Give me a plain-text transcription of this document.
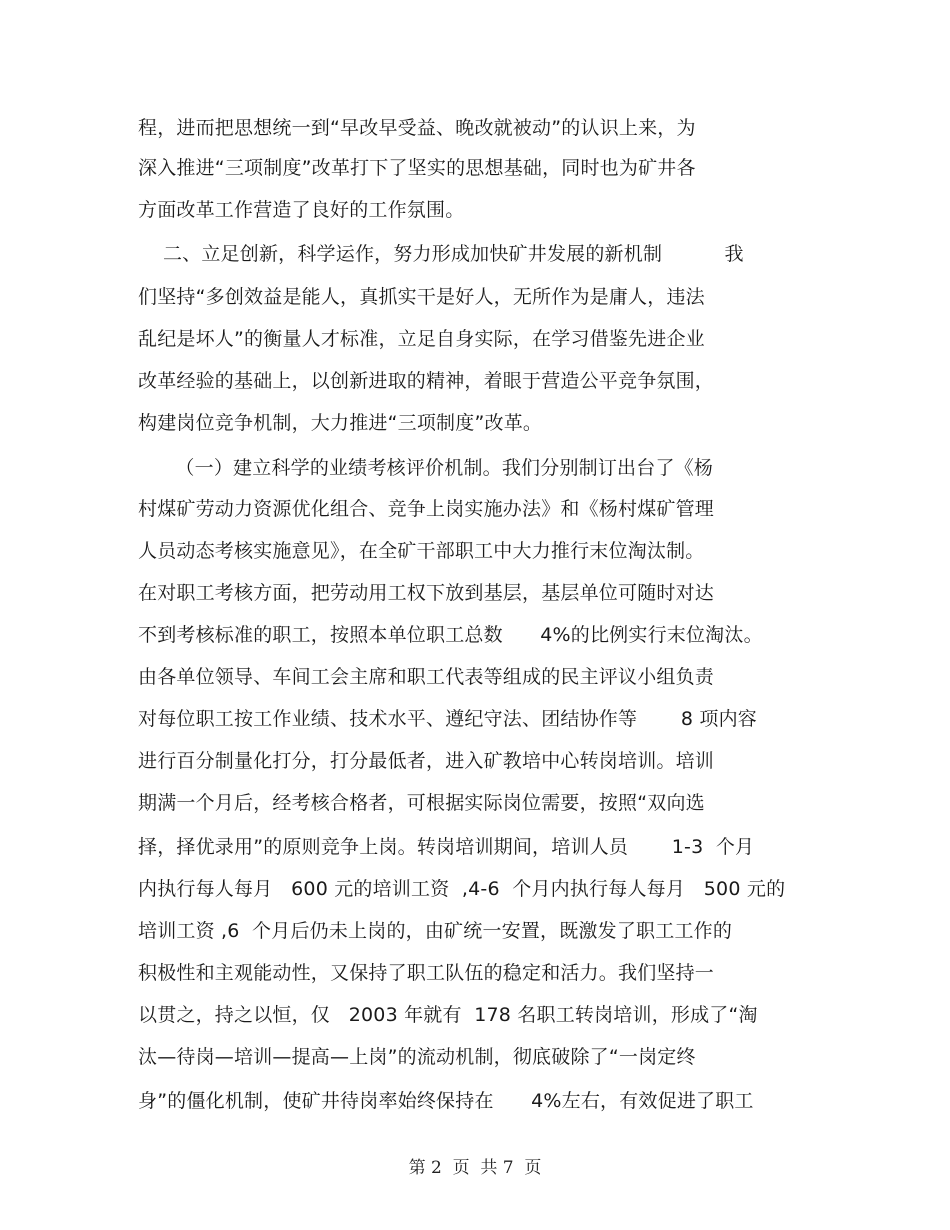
程，进而把思想统一到“早改早受益、晚改就被动”的认识上来，为
深入推进“三项制度”改革打下了坚实的思想基础，同时也为矿井各
方面改革工作营造了良好的工作氛围。
二、立足创新，科学运作，努力形成加快矿井发展的新机制          我
们坚持“多创效益是能人，真抓实干是好人，无所作为是庸人，违法
乱纪是坏人”的衡量人才标准，立足自身实际，在学习借鉴先进企业
改革经验的基础上，以创新进取的精神，着眼于营造公平竞争氛围，
构建岗位竞争机制，大力推进“三项制度”改革。
（一）建立科学的业绩考核评价机制。我们分别制订出台了《杨
村煤矿劳动力资源优化组合、竞争上岗实施办法》和《杨村煤矿管理
人员动态考核实施意见》，在全矿干部职工中大力推行末位淘汰制。
在对职工考核方面，把劳动用工权下放到基层，基层单位可随时对达
不到考核标准的职工，按照本单位职工总数      4%的比例实行末位淘汰。
由各单位领导、车间工会主席和职工代表等组成的民主评议小组负责
对每位职工按工作业绩、技术水平、遵纪守法、团结协作等       8 项内容
进行百分制量化打分，打分最低者，进入矿教培中心转岗培训。培训
期满一个月后，经考核合格者，可根据实际岗位需要，按照“双向选
择，择优录用”的原则竞争上岗。转岗培训期间，培训人员       1-3  个月
内执行每人每月   600 元的培训工资  ,4-6  个月内执行每人每月   500 元的
培训工资 ,6  个月后仍未上岗的，由矿统一安置，既激发了职工工作的
积极性和主观能动性，又保持了职工队伍的稳定和活力。我们坚持一
以贯之，持之以恒，仅   2003 年就有  178 名职工转岗培训，形成了“淘
汰—待岗—培训—提高—上岗”的流动机制，彻底破除了“一岗定终
身”的僵化机制，使矿井待岗率始终保持在      4%左右，有效促进了职工
第 2  页  共 7  页
